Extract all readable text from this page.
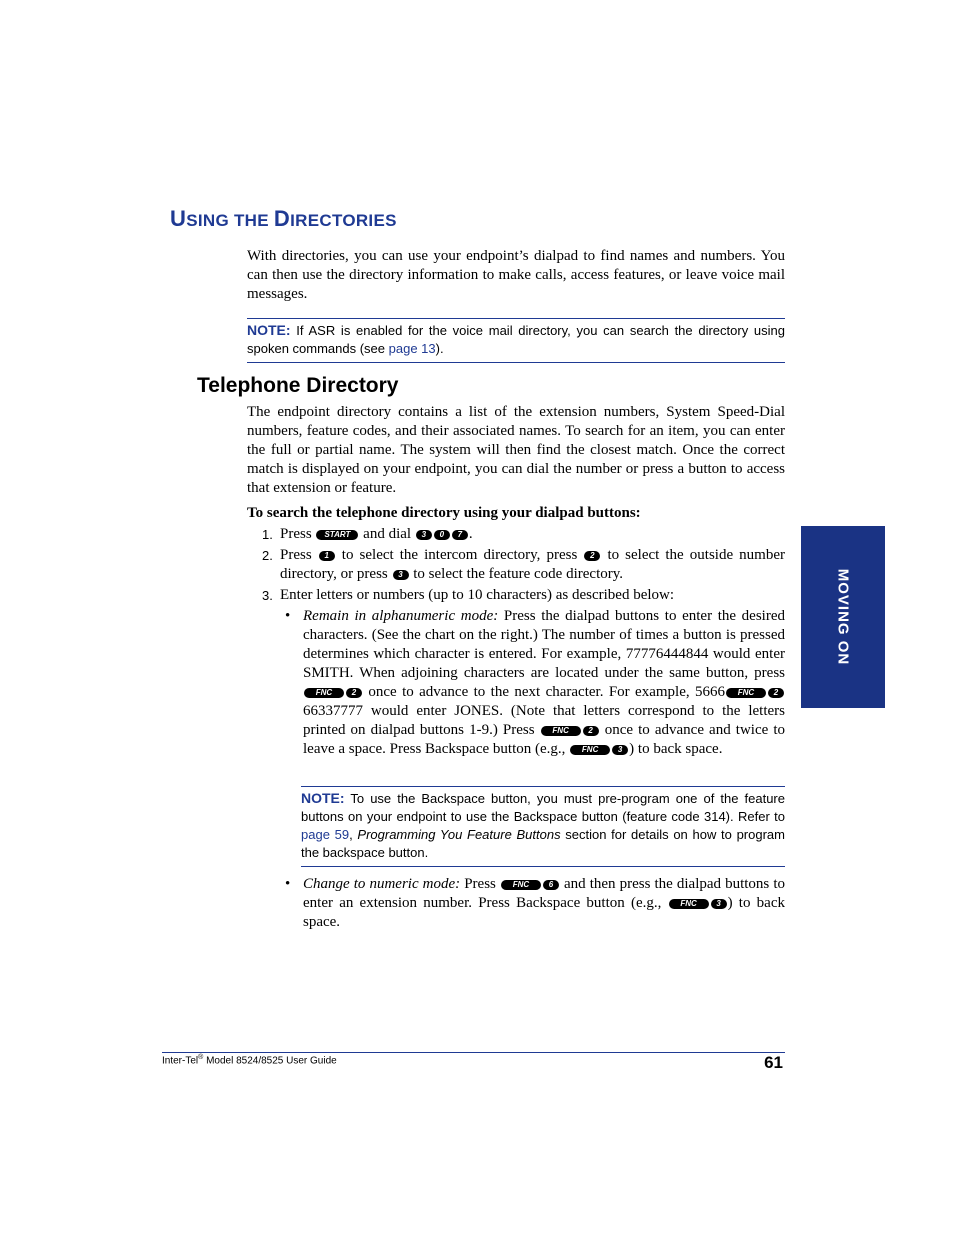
USING THE DIRECTORIES

With directories, you can use your endpoint’s dialpad to find names and numbers. You can then use the directory information to make calls, access features, or leave voice mail messages.

NOTE: If ASR is enabled for the voice mail directory, you can search the directory using spoken commands (see page 13).
Telephone Directory

The endpoint directory contains a list of the extension numbers, System Speed-Dial numbers, feature codes, and their associated names. To search for an item, you can enter the full or partial name. The system will then find the closest match. Once the correct match is displayed on your endpoint, you can dial the number or press a button to access that extension or feature.

To search the telephone directory using your dialpad buttons:

1. Press START and dial 3 0 7 .
2. Press 1 to select the intercom directory, press 2 to select the outside number directory, or press 3 to select the feature code directory.
3. Enter letters or numbers (up to 10 characters) as described below:
• Remain in alphanumeric mode: Press the dialpad buttons to enter the desired characters. (See the chart on the right.) The number of times a button is pressed determines which character is entered. For example, 77776444844 would enter SMITH. When adjoining characters are located under the same button, press FNC 2 once to advance to the next character. For example, 5666 FNC 266337777 would enter JONES. (Note that letters correspond to the letters printed on dialpad buttons 1-9.) Press FNC 2 once to advance and twice to leave a space. Press Backspace button (e.g., FNC 3 ) to back space.
NOTE: To use the Backspace button, you must pre-program one of the feature buttons on your endpoint to use the Backspace button (feature code 314). Refer to page 59, Programming You Feature Buttons section for details on how to program the backspace button.
• Change to numeric mode: Press FNC 6 and then press the dialpad buttons to enter an extension number. Press Backspace button (e.g., FNC 3 ) to back space.
MOVING ON
Inter-Tel® Model 8524/8525 User Guide	61
